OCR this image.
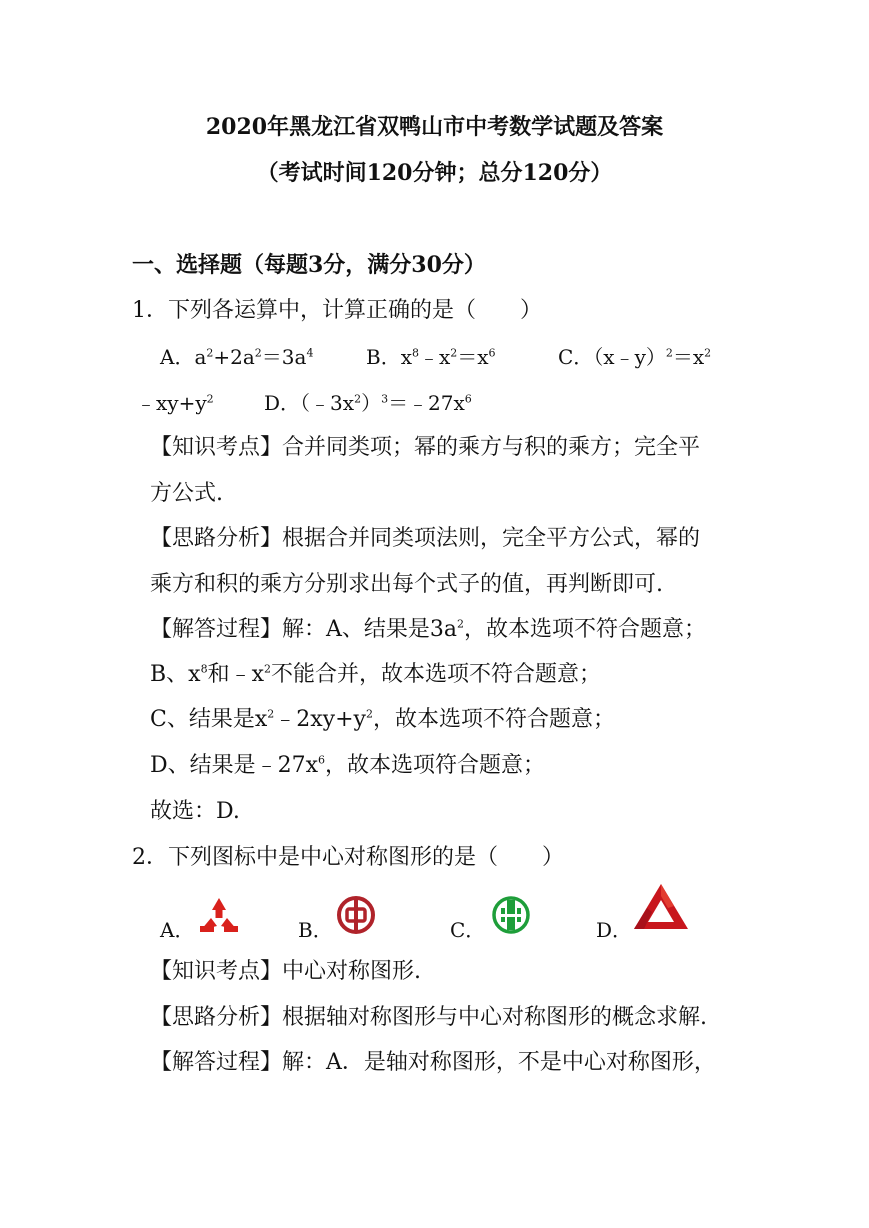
2020年黑龙江省双鸭山市中考数学试题及答案
（考试时间120分钟；总分120分）
一、选择题（每题3分，满分30分）
1．下列各运算中，计算正确的是（　　）
A．$a^2+2a^2=3a^4$	B．$x^8﹣x^2=x^6$	C．$(x﹣y)^2=x^2$
$﹣xy+y^2$	D．$(﹣3x^2)^3=﹣27x^6$
【知识考点】合并同类项；幂的乘方与积的乘方；完全平
方公式.
【思路分析】根据合并同类项法则，完全平方公式，幂的
乘方和积的乘方分别求出每个式子的值，再判断即可.
【解答过程】解：A、结果是$3a^2$，故本选项不符合题意；
B、$x^8$和$﹣x^2$不能合并，故本选项不符合题意；
C、结果是$x^2﹣2xy+y^2$，故本选项不符合题意；
D、结果是$﹣27x^6$，故本选项符合题意；
故选：D.
2．下列图标中是中心对称图形的是（　　）
A．	B．	C．	D．
【知识考点】中心对称图形.
【思路分析】根据轴对称图形与中心对称图形的概念求解.
【解答过程】解：A．是轴对称图形，不是中心对称图形，
